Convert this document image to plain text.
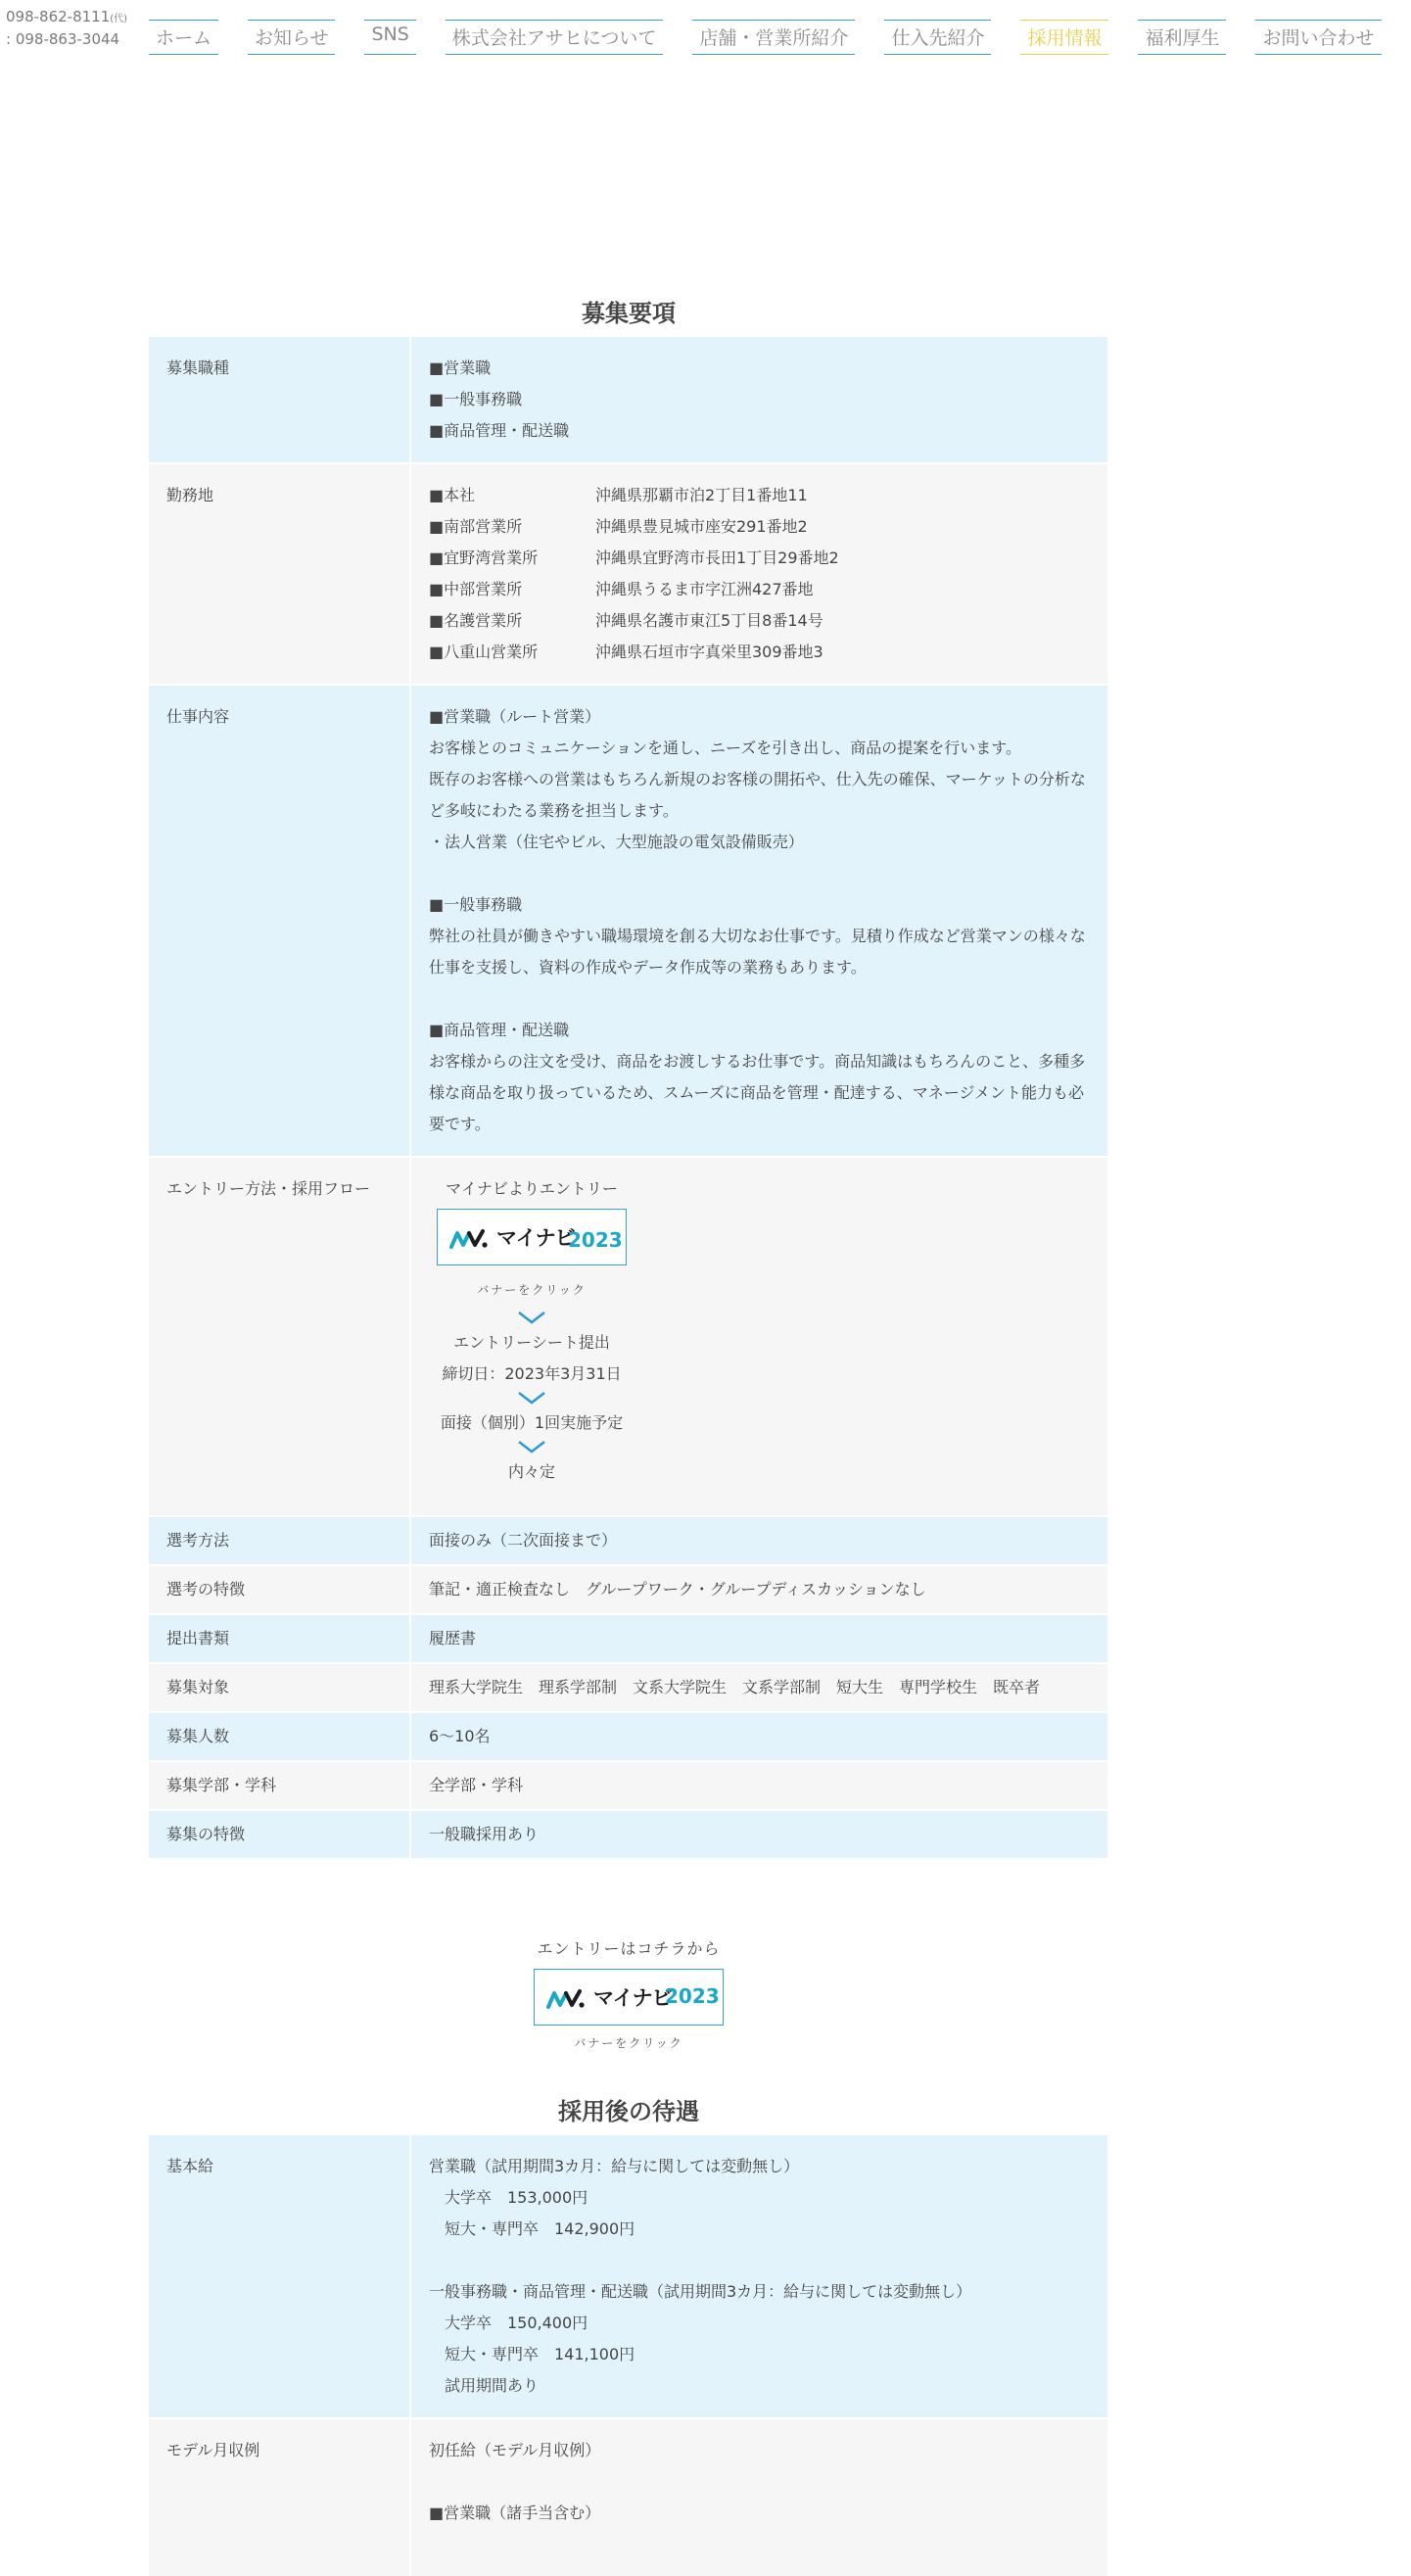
098-862-8111(代)
: 098-863-3044	ホーム	お知らせ	SNS	株式会社アサヒについて	店舗・営業所紹介	仕入先紹介	採用情報	福利厚生	お問い合わせ
募集要項
募集職種	■営業職
■一般事務職
■商品管理・配送職
勤務地	■本社	沖縄県那覇市泊2丁目1番地11
■南部営業所	沖縄県豊見城市座安291番地2
■宜野湾営業所	沖縄県宜野湾市長田1丁目29番地2
■中部営業所	沖縄県うるま市字江洲427番地
■名護営業所	沖縄県名護市東江5丁目8番14号
■八重山営業所	沖縄県石垣市字真栄里309番地3
仕事内容	■営業職（ルート営業）
お客様とのコミュニケーションを通し、ニーズを引き出し、商品の提案を行います。
既存のお客様への営業はもちろん新規のお客様の開拓や、仕入先の確保、マーケットの分析な
ど多岐にわたる業務を担当します。
・法人営業（住宅やビル、大型施設の電気設備販売）
■一般事務職
弊社の社員が働きやすい職場環境を創る大切なお仕事です。見積り作成など営業マンの様々な
仕事を支援し、資料の作成やデータ作成等の業務もあります。
■商品管理・配送職
お客様からの注文を受け、商品をお渡しするお仕事です。商品知識はもちろんのこと、多種多
様な商品を取り扱っているため、スムーズに商品を管理・配達する、マネージメント能力も必
要です。
エントリー方法・採用フロー	マイナビよりエントリー
マイナビ
2023
バナーをクリック
エントリーシート提出
締切日：2023年3月31日
面接（個別）1回実施予定
内々定
選考方法	面接のみ（二次面接まで）
選考の特徴	筆記・適正検査なし　グループワーク・グループディスカッションなし
提出書類	履歴書
募集対象	理系大学院生　理系学部制　文系大学院生　文系学部制　短大生　専門学校生　既卒者
募集人数	6〜10名
募集学部・学科	全学部・学科
募集の特徴	一般職採用あり
エントリーはコチラから
マイナビ
2023
バナーをクリック
採用後の待遇
基本給	営業職（試用期間3カ月：給与に関しては変動無し）
　大学卒　153,000円
　短大・専門卒　142,900円
一般事務職・商品管理・配送職（試用期間3カ月：給与に関しては変動無し）
　大学卒　150,400円
　短大・専門卒　141,100円
　試用期間あり
モデル月収例	初任給（モデル月収例）
■営業職（諸手当含む）
